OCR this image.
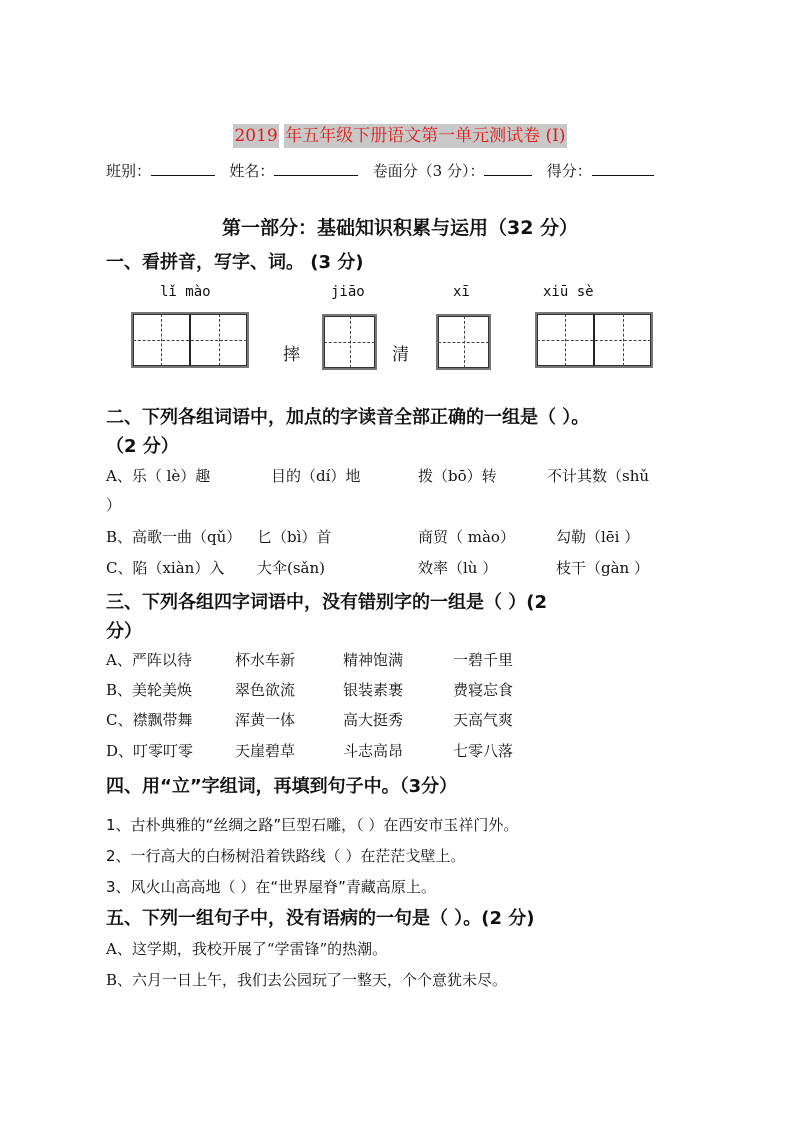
2019 年五年级下册语文第一单元测试卷 (I)
班别：	姓名：	卷面分（3 分）：	得分：
第一部分：基础知识积累与运用（32 分）
一、看拼音，写字、词。 (3 分)
lǐ mào	jiāo	xī	xiū sè
摔	清
二、下列各组词语中，加点的字读音全部正确的一组是（ ）。
（2 分）
A、乐（ lè）趣	目的（dí）地	拨（bō）转	不计其数（shǔ
）
B、高歌一曲（qǔ） 匕（bì）首	商贸（ mào）	勾勒（lēi ）
C、陷（xiàn）入 大伞(sǎn)	效率（lù ）	枝干（gàn ）
三、下列各组四字词语中，没有错别字的一组是（ ）(2
分）
A、严阵以待	杯水车新	精神饱满	一碧千里
B、美轮美焕	翠色欲流	银装素裹	费寝忘食
C、襟飘带舞	浑黄一体	高大挺秀	天高气爽
D、叮零叮零	天崖碧草	斗志高昂	七零八落
四、用“立”字组词，再填到句子中。（3分）
1、古朴典雅的“丝绸之路”巨型石雕，（ ）在西安市玉祥门外。
2、一行高大的白杨树沿着铁路线（ ）在茫茫戈壁上。
3、风火山高高地（ ）在“世界屋脊”青藏高原上。
五、下列一组句子中，没有语病的一句是（ ）。(2 分)
A、这学期，我校开展了“学雷锋”的热潮。
B、六月一日上午，我们去公园玩了一整天，个个意犹未尽。
